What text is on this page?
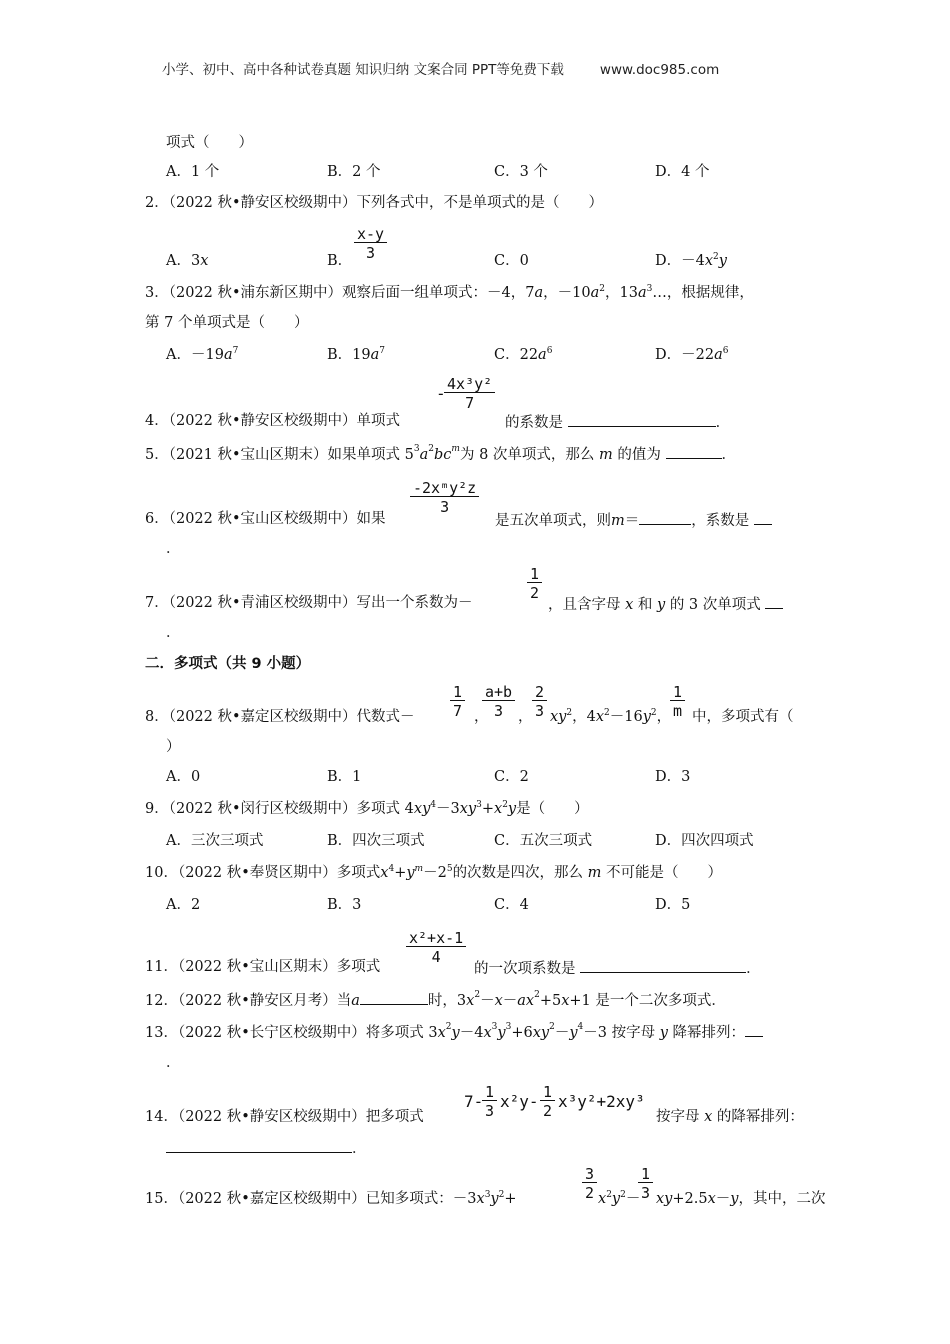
小学、初中、高中各种试卷真题 知识归纳 文案合同 PPT等免费下载	www.doc985.com
项式（　　）
A．1 个	B．2 个	C．3 个	D．4 个
2．（2022 秋•静安区校级期中）下列各式中，不是单项式的是（　　）
A．3x	B． $\frac{x-y}{3}$	C．0	D．$-4x^2y$
3．（2022 秋•浦东新区期中）观察后面一组单项式：－4，7a，$-10a^2$，$13a^3\dots$，根据规律，
第 7 个单项式是（　　）
A．$-19a^7$	B．$19a^7$	C．$22a^6$	D．$-22a^6$
4．（2022 秋•静安区校级期中）单项式
-
$\frac{\text{4x³y²}}{7}$
的系数是	．
5．（2021 秋•宝山区期末）如果单项式 $5^3a^2bc^m$为 8 次单项式，那么 m 的值为	．
6．（2022 秋•宝山区校级期中）如果
-2xᵐy²z
3
是五次单项式，则m＝	，系数是
．
7．（2022 秋•青浦区校级期中）写出一个系数为－
$\frac{1}{2}$
，且含字母 x 和 y 的 3 次单项式
．
二．多项式（共 9 小题）
8．（2022 秋•嘉定区校级期中）代数式－ $\frac{1}{7}$ ，
$\frac{a+b}{3}$ ， $\frac{2}{3} xy^2$，$4x^2-16y^2$，
$\frac{1}{m}$ 中，多项式有（
）
A．0	B．1	C．2	D．3
9．（2022 秋•闵行区校级期中）多项式 $4xy^4-3xy^3+x^2y$是（　　）
A．三次三项式	B．四次三项式	C．五次三项式	D．四次四项式
10．（2022 秋•奉贤区期中）多项式$x^4+y^m-2^5$的次数是四次，那么 m 不可能是（　　）
A．2	B．3	C．4	D．5
11．（2022 秋•宝山区期末）多项式
$\frac{\text{x²+x-1}}{4}$
的一次项系数是	．
12．（2022 秋•静安区月考）当a	时，$3x^2-x-ax^2+5x+1$ 是一个二次多项式．
13．（2022 秋•长宁区校级期中）将多项式 $3x^2y-4x^3y^3+6xy^2-y^4-3$ 按字母 y 降幂排列：
．
14．（2022 秋•静安区校级期中）把多项式
7-
$\frac{1}{3} x^2y- \frac{1}{2} x^3y^2+2xy^3$
按字母 x 的降幂排列：
．
15．（2022 秋•嘉定区校级期中）已知多项式：$-3x^3y^2+$	$\frac{3}{2} x^2y^2-$
$\frac{1}{3} xy+2.5x-y$，其中，二次
